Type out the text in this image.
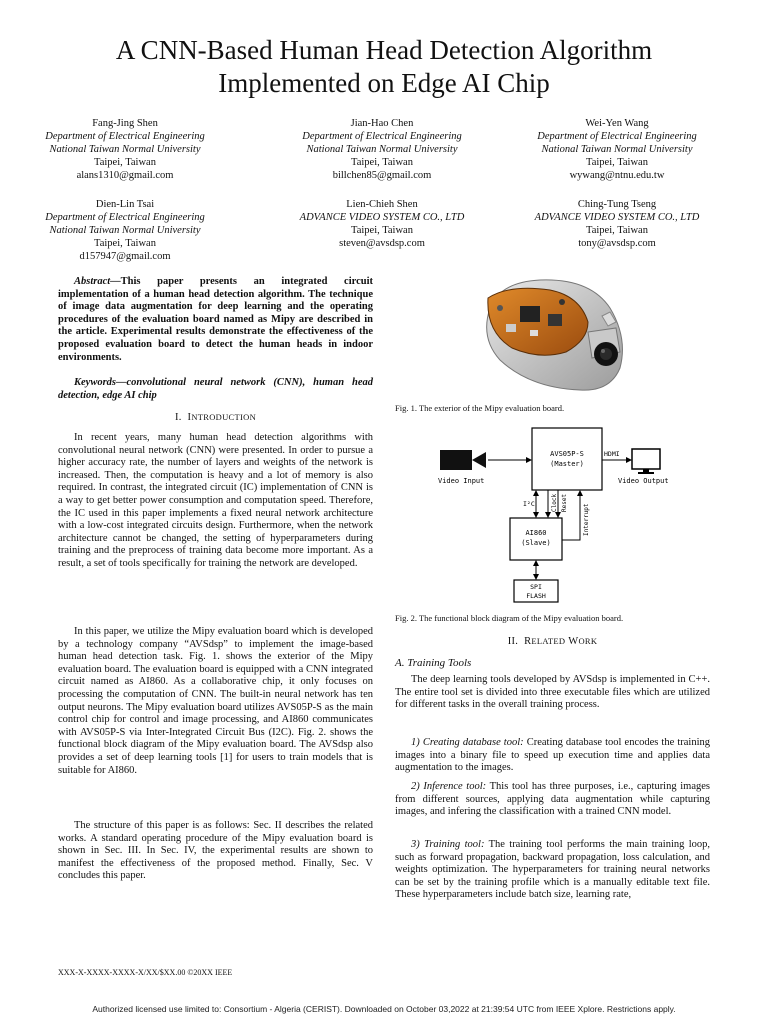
A CNN-Based Human Head Detection Algorithm
Implemented on Edge AI Chip
Fang-Jing Shen
Department of Electrical Engineering
National Taiwan Normal University
Taipei, Taiwan
alans1310@gmail.com
Jian-Hao Chen
Department of Electrical Engineering
National Taiwan Normal University
Taipei, Taiwan
billchen85@gmail.com
Wei-Yen Wang
Department of Electrical Engineering
National Taiwan Normal University
Taipei, Taiwan
wywang@ntnu.edu.tw
Dien-Lin Tsai
Department of Electrical Engineering
National Taiwan Normal University
Taipei, Taiwan
d157947@gmail.com
Lien-Chieh Shen
ADVANCE VIDEO SYSTEM CO., LTD
Taipei, Taiwan
steven@avsdsp.com
Ching-Tung Tseng
ADVANCE VIDEO SYSTEM CO., LTD
Taipei, Taiwan
tony@avsdsp.com

Abstract—This paper presents an integrated circuit implementation of a human head detection algorithm. The technique of image data augmentation for deep learning and the operating procedures of the evaluation board named as Mipy are described in the article. Experimental results demonstrate the effectiveness of the proposed evaluation board to detect the human heads in indoor environments.

Keywords—convolutional neural network (CNN), human head detection, edge AI chip

I. INTRODUCTION

In recent years, many human head detection algorithms with convolutional neural network (CNN) were presented. In order to pursue a higher accuracy rate, the number of layers and weights of the network is increased. Then, the computation is heavy and a lot of memory is also required. In contrast, the integrated circuit (IC) implementation of CNN is a way to get better power consumption and computation speed. Therefore, the IC used in this paper implements a fixed neural network architecture with a low-cost integrated circuits design. Furthermore, when the network architecture cannot be changed, the setting of hyperparameters during training and the preprocess of training data become more important. As a result, a set of tools specifically for training the network are developed.

In this paper, we utilize the Mipy evaluation board which is developed by a technology company “AVSdsp” to implement the image-based human head detection task. Fig. 1. shows the exterior of the Mipy evaluation board. The evaluation board is equipped with a CNN integrated circuit named as AI860. As a collaborative chip, it only focuses on processing the computation of CNN. The built-in neural network has ten output neurons. The Mipy evaluation board utilizes AVS05P-S as the main control chip for control and image processing, and AI860 communicates with AVS05P-S via Inter-Integrated Circuit Bus (I2C). Fig. 2. shows the functional block diagram of the Mipy evaluation board. The AVSdsp also provides a set of deep learning tools [1] for users to train models that is suitable for AI860.

The structure of this paper is as follows: Sec. II describes the related works. A standard operating procedure of the Mipy evaluation board is shown in Sec. III. In Sec. IV, the experimental results are shown to manifest the effectiveness of the proposed method. Finally, Sec. V concludes this paper.

Fig. 1. The exterior of the Mipy evaluation board.
Video Input
AVS05P-S
(Master)
HDMI
Video Output
AI860
(Slave)
I²C	Clock Reset
Interrupt
SPI
FLASH
Fig. 2. The functional block diagram of the Mipy evaluation board.
II. RELATED WORK
A. Training Tools

The deep learning tools developed by AVSdsp is implemented in C++. The entire tool set is divided into three executable files which are utilized for different tasks in the overall training process.

1) Creating database tool: Creating database tool encodes the training images into a binary file to speed up execution time and applies data augmentation to the images.

2) Inference tool: This tool has three purposes, i.e., capturing images from different sources, applying data augmentation while capturing images, and infering the classification with a trained CNN model.

3) Training tool: The training tool performs the main training loop, such as forward propagation, backward propagation, loss calculation, and weights optimization. The hyperparameters for training neural networks can be set by the training profile which is a manually editable text file. These hyperparameters include batch size, learning rate,

XXX-X-XXXX-XXXX-X/XX/$XX.00 ©20XX IEEE
Authorized licensed use limited to: Consortium - Algeria (CERIST). Downloaded on October 03,2022 at 21:39:54 UTC from IEEE Xplore. Restrictions apply.
